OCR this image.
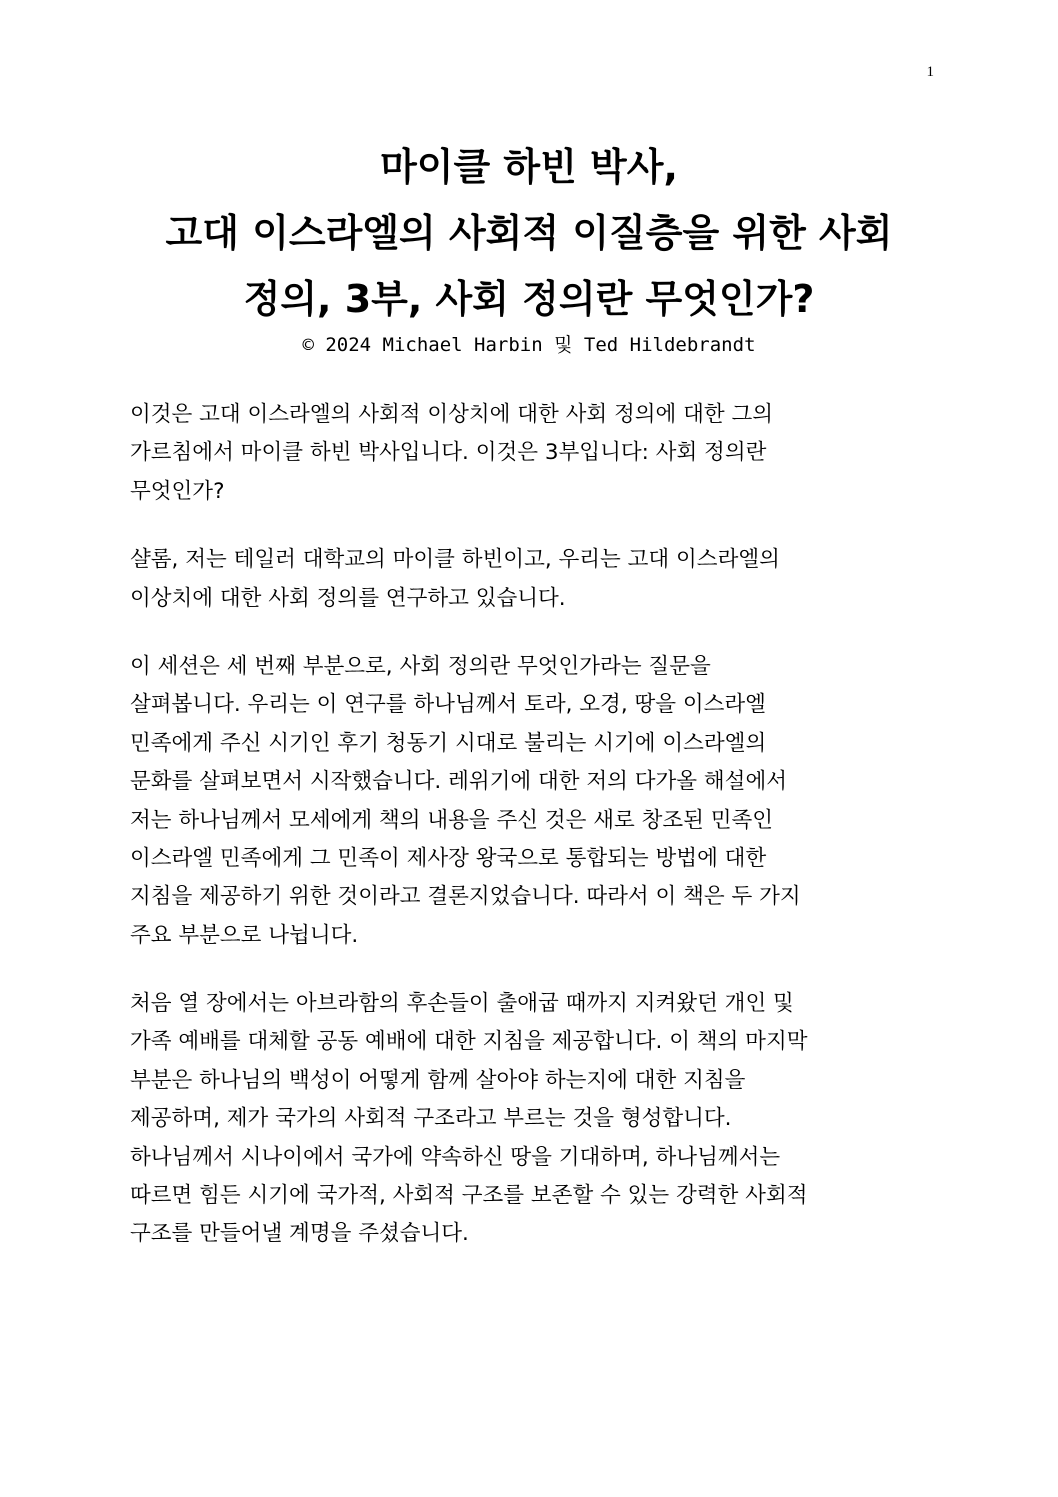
1
마이클 하빈 박사,
고대 이스라엘의 사회적 이질층을 위한 사회
정의, 3부, 사회 정의란 무엇인가?
© 2024 Michael Harbin 및 Ted Hildebrandt

이것은 고대 이스라엘의 사회적 이상치에 대한 사회 정의에 대한 그의
가르침에서 마이클 하빈 박사입니다. 이것은 3부입니다: 사회 정의란
무엇인가?

샬롬, 저는 테일러 대학교의 마이클 하빈이고, 우리는 고대 이스라엘의
이상치에 대한 사회 정의를 연구하고 있습니다.

이 세션은 세 번째 부분으로, 사회 정의란 무엇인가라는 질문을
살펴봅니다. 우리는 이 연구를 하나님께서 토라, 오경, 땅을 이스라엘
민족에게 주신 시기인 후기 청동기 시대로 불리는 시기에 이스라엘의
문화를 살펴보면서 시작했습니다. 레위기에 대한 저의 다가올 해설에서
저는 하나님께서 모세에게 책의 내용을 주신 것은 새로 창조된 민족인
이스라엘 민족에게 그 민족이 제사장 왕국으로 통합되는 방법에 대한
지침을 제공하기 위한 것이라고 결론지었습니다. 따라서 이 책은 두 가지
주요 부분으로 나뉩니다.

처음 열 장에서는 아브라함의 후손들이 출애굽 때까지 지켜왔던 개인 및
가족 예배를 대체할 공동 예배에 대한 지침을 제공합니다. 이 책의 마지막
부분은 하나님의 백성이 어떻게 함께 살아야 하는지에 대한 지침을
제공하며, 제가 국가의 사회적 구조라고 부르는 것을 형성합니다.
하나님께서 시나이에서 국가에 약속하신 땅을 기대하며, 하나님께서는
따르면 힘든 시기에 국가적, 사회적 구조를 보존할 수 있는 강력한 사회적
구조를 만들어낼 계명을 주셨습니다.
